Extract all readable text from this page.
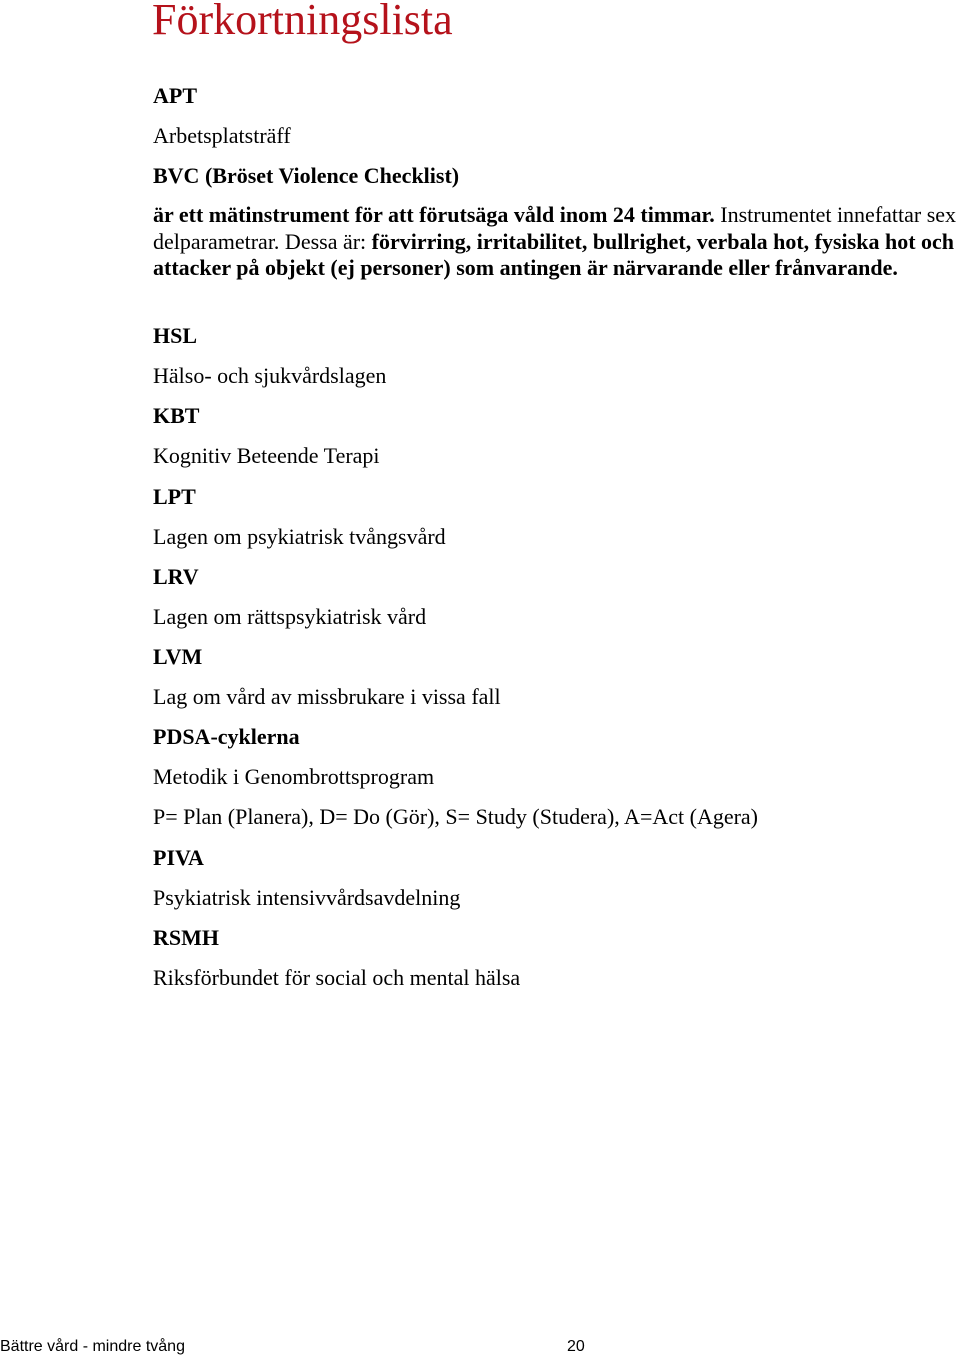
Förkortningslista

APT

Arbetsplatsträff

BVC (Bröset Violence Checklist)

är ett mätinstrument för att förutsäga våld inom 24 timmar. Instrumentet innefattar sex delparametrar. Dessa är: förvirring, irritabilitet, bullrighet, verbala hot, fysiska hot och attacker på objekt (ej personer) som antingen är närvarande eller frånvarande.

HSL

Hälso- och sjukvårdslagen

KBT

Kognitiv Beteende Terapi

LPT

Lagen om psykiatrisk tvångsvård

LRV

Lagen om rättspsykiatrisk vård

LVM

Lag om vård av missbrukare i vissa fall

PDSA-cyklerna

Metodik i Genombrottsprogram

P= Plan (Planera), D= Do (Gör), S= Study (Studera), A=Act (Agera)

PIVA

Psykiatrisk intensivvårdsavdelning

RSMH

Riksförbundet för social och mental hälsa

Bättre vård - mindre tvång	20
